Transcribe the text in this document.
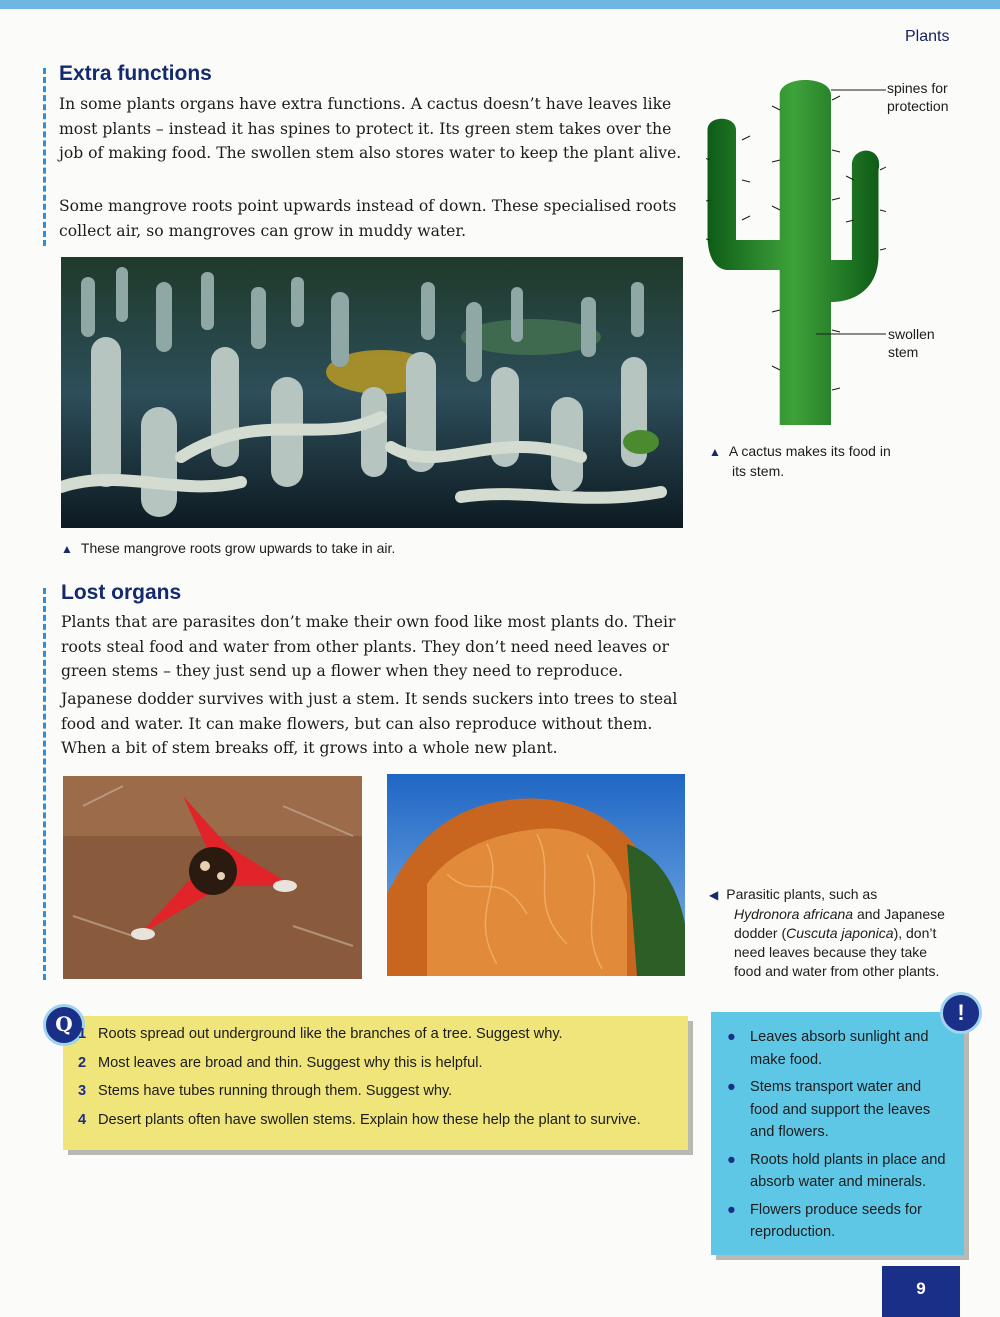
Plants
Extra functions

In some plants organs have extra functions. A cactus doesn’t have leaves like most plants – instead it has spines to protect it. Its green stem takes over the job of making food. The swollen stem also stores water to keep the plant alive.

Some mangrove roots point upwards instead of down. These specialised roots collect air, so mangroves can grow in muddy water.

▲ These mangrove roots grow upwards to take in air.
spines for
protection
swollen
stem
▲ A cactus makes its food in
its stem.
Lost organs

Plants that are parasites don’t make their own food like most plants do. Their roots steal food and water from other plants. They don’t need need leaves or green stems – they just send up a flower when they need to reproduce.

Japanese dodder survives with just a stem. It sends suckers into trees to steal food and water. It can make flowers, but can also reproduce without them. When a bit of stem breaks off, it grows into a whole new plant.

◀ Parasitic plants, such as
Hydronora africana and Japanese
dodder (Cuscuta japonica), don’t
need leaves because they take
food and water from other plants.
Q 1 Roots spread out underground like the branches of a tree. Suggest why.
2 Most leaves are broad and thin. Suggest why this is helpful.
3 Stems have tubes running through them. Suggest why.
4 Desert plants often have swollen stems. Explain how these help the plant to survive.
!
● Leaves absorb sunlight and make food.
● Stems transport water and food and support the leaves and flowers.
● Roots hold plants in place and absorb water and minerals.
● Flowers produce seeds for reproduction.
9
